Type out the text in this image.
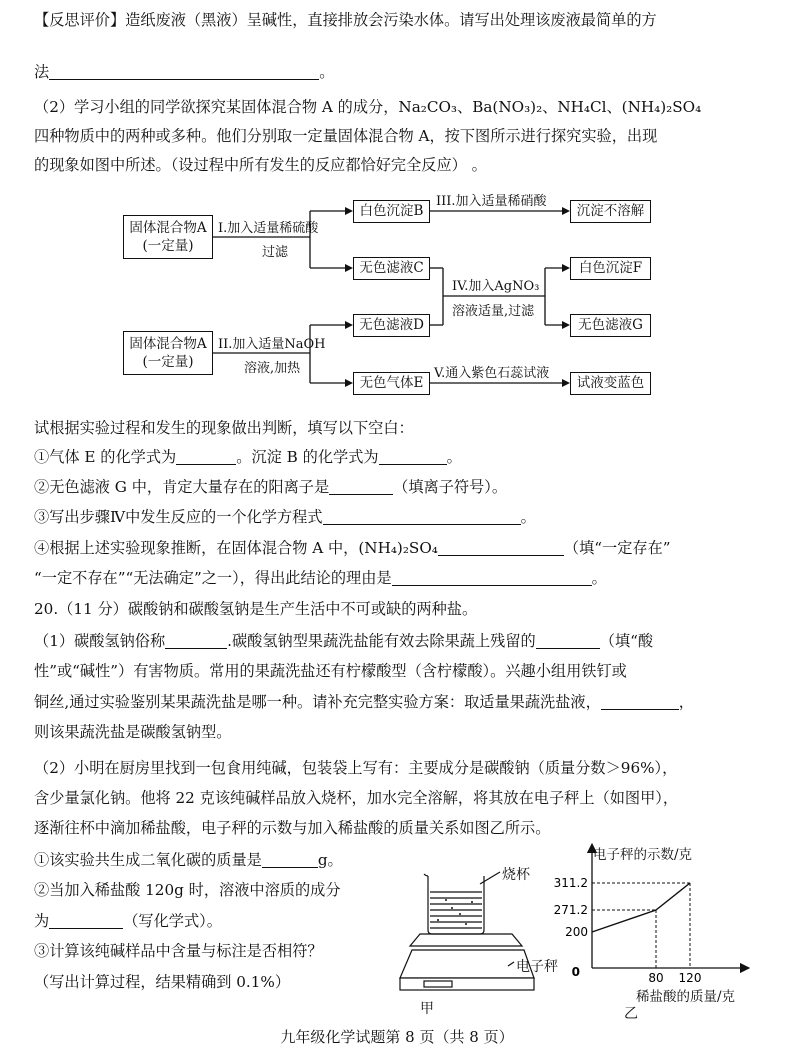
【反思评价】造纸废液（黑液）呈碱性，直接排放会污染水体。请写出处理该废液最简单的方
法	。
（2）学习小组的同学欲探究某固体混合物 A 的成分，Na₂CO₃、Ba(NO₃)₂、NH₄Cl、(NH₄)₂SO₄
四种物质中的两种或多种。他们分别取一定量固体混合物 A，按下图所示进行探究实验，出现
的现象如图中所述。（设过程中所有发生的反应都恰好完全反应） 。
固体混合物A
(一定量)
固体混合物A
(一定量)
I.加入适量稀硫酸
过滤
II.加入适量NaOH
溶液,加热
白色沉淀B
无色滤液C
无色滤液D
无色气体E
III.加入适量稀硝酸
IV.加入AgNO₃
溶液适量,过滤
V.通入紫色石蕊试液
沉淀不溶解
白色沉淀F
无色滤液G
试液变蓝色
试根据实验过程和发生的现象做出判断，填写以下空白：
①气体 E 的化学式为	。沉淀 B 的化学式为	。
②无色滤液 G 中，肯定大量存在的阳离子是	（填离子符号）。
③写出步骤Ⅳ中发生反应的一个化学方程式	。
④根据上述实验现象推断，在固体混合物 A 中，(NH₄)₂SO₄	（填“一定存在”
“一定不存在”“无法确定”之一），得出此结论的理由是	。
20.（11 分）碳酸钠和碳酸氢钠是生产生活中不可或缺的两种盐。
（1）碳酸氢钠俗称	.碳酸氢钠型果蔬洗盐能有效去除果蔬上残留的	（填“酸
性”或“碱性”）有害物质。常用的果蔬洗盐还有柠檬酸型（含柠檬酸）。兴趣小组用铁钉或
铜丝,通过实验鉴别某果蔬洗盐是哪一种。请补充完整实验方案：取适量果蔬洗盐液，	，
则该果蔬洗盐是碳酸氢钠型。
（2）小明在厨房里找到一包食用纯碱，包装袋上写有：主要成分是碳酸钠（质量分数＞96%），
含少量氯化钠。他将 22 克该纯碱样品放入烧杯，加水完全溶解，将其放在电子秤上（如图甲），
逐渐往杯中滴加稀盐酸，电子秤的示数与加入稀盐酸的质量关系如图乙所示。
①该实验共生成二氧化碳的质量是	g。
②当加入稀盐酸 120g 时，溶液中溶质的成分
为	（写化学式）。
③计算该纯碱样品中含量与标注是否相符？
（写出计算过程，结果精确到 0.1%）
烧杯
电子秤
甲
200
271.2
311.2
80 120
0
电子秤的示数/克
稀盐酸的质量/克
乙
九年级化学试题第 8 页（共 8 页）
